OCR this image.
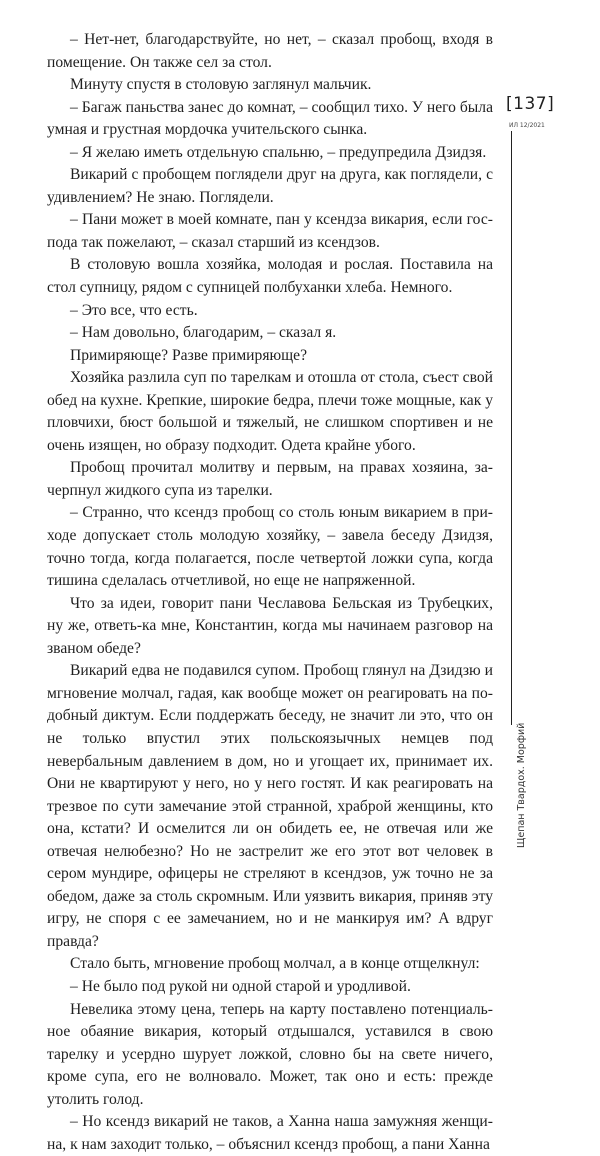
– Нет-нет, благодарствуйте, но нет, – сказал пробощ, входя в помещение. Он также сел за стол.

Минуту спустя в столовую заглянул мальчик.

– Багаж паньства занес до комнат, – сообщил тихо. У него была умная и грустная мордочка учительского сынка.

– Я желаю иметь отдельную спальню, – предупредила Дзидзя.

Викарий с пробощем поглядели друг на друга, как поглядели, с удивлением? Не знаю. Поглядели.

– Пани может в моей комнате, пан у ксендза викария, если господа так пожелают, – сказал старший из ксендзов.

В столовую вошла хозяйка, молодая и рослая. Поставила на стол супницу, рядом с супницей полбуханки хлеба. Немного.

– Это все, что есть.

– Нам довольно, благодарим, – сказал я.

Примиряюще? Разве примиряюще?

Хозяйка разлила суп по тарелкам и отошла от стола, съест свой обед на кухне. Крепкие, широкие бедра, плечи тоже мощные, как у пловчихи, бюст большой и тяжелый, не слишком спортивен и не очень изящен, но образу подходит. Одета крайне убого.

Пробощ прочитал молитву и первым, на правах хозяина, зачерпнул жидкого супа из тарелки.

– Странно, что ксендз пробощ со столь юным викарием в приходе допускает столь молодую хозяйку, – завела беседу Дзидзя, точно тогда, когда полагается, после четвертой ложки супа, когда тишина сделалась отчетливой, но еще не напряженной.

Что за идеи, говорит пани Чеславова Бельская из Трубецких, ну же, ответь-ка мне, Константин, когда мы начинаем разговор на званом обеде?

Викарий едва не подавился супом. Пробощ глянул на Дзидзю и мгновение молчал, гадая, как вообще может он реагировать на подобный диктум. Если поддержать беседу, не значит ли это, что он не только впустил этих польскоязычных немцев под невербальным давлением в дом, но и угощает их, принимает их. Они не квартируют у него, но у него гостят. И как реагировать на трезвое по сути замечание этой странной, храброй женщины, кто она, кстати? И осмелится ли он обидеть ее, не отвечая или же отвечая нелюбезно? Но не застрелит же его этот вот человек в сером мундире, офицеры не стреляют в ксендзов, уж точно не за обедом, даже за столь скромным. Или уязвить викария, приняв эту игру, не споря с ее замечанием, но и не манкируя им? А вдруг правда?

Стало быть, мгновение пробощ молчал, а в конце отщелкнул:

– Не было под рукой ни одной старой и уродливой.

Невелика этому цена, теперь на карту поставлено потенциальное обаяние викария, который отдышался, уставился в свою тарелку и усердно шурует ложкой, словно бы на свете ничего, кроме супа, его не волновало. Может, так оно и есть: прежде утолить голод.

– Но ксендз викарий не таков, а Ханна наша замужняя женщина, к нам заходит только, – объяснил ксендз пробощ, а пани Ханна

[137]
ИЛ 12/2021
Щепан Твардох. Морфий
